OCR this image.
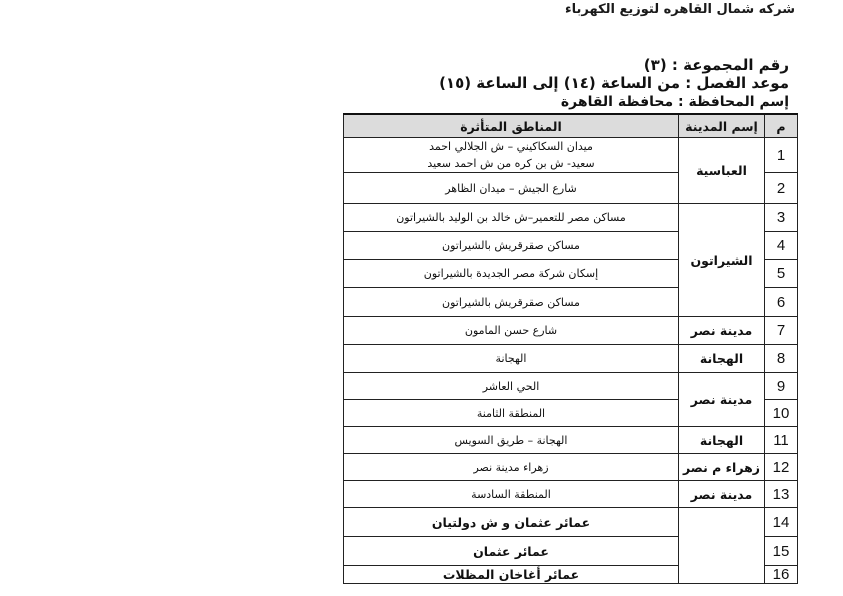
شركه شمال القاهره لتوزيع الكهرباء
رقم المجموعة : (٣)
موعد الفصل : من الساعة (١٤) إلى الساعة (١٥)
إسم المحافظة : محافظة القاهرة
م	إسم المدينة	المناطق المتأثرة
1	العباسية	ميدان السكاكيني – ش الجلالي احمد
سعيد- ش بن كره من ش احمد سعيد

2		شارع الجيش – ميدان الظاهر
3	الشيراتون	مساكن مصر للتعمير–ش خالد بن الوليد بالشيراتون
4		مساكن صقرقريش بالشيراتون
5		إسكان شركة مصر الجديدة بالشيراتون
6		مساكن صقرقريش بالشيراتون
7	مدينة نصر	شارع حسن المامون
8	الهجانة	الهجانة
9	مدينة نصر	الحي العاشر
10		المنطقة الثامنة
11	الهجانة	الهجانة – طريق السويس
12	زهراء م نصر	زهراء مدينة نصر
13	مدينة نصر	المنطقة السادسة
14		عمائر عثمان و ش دولتيان
15		عمائر عثمان
16		عمائر أغاخان المظلات
